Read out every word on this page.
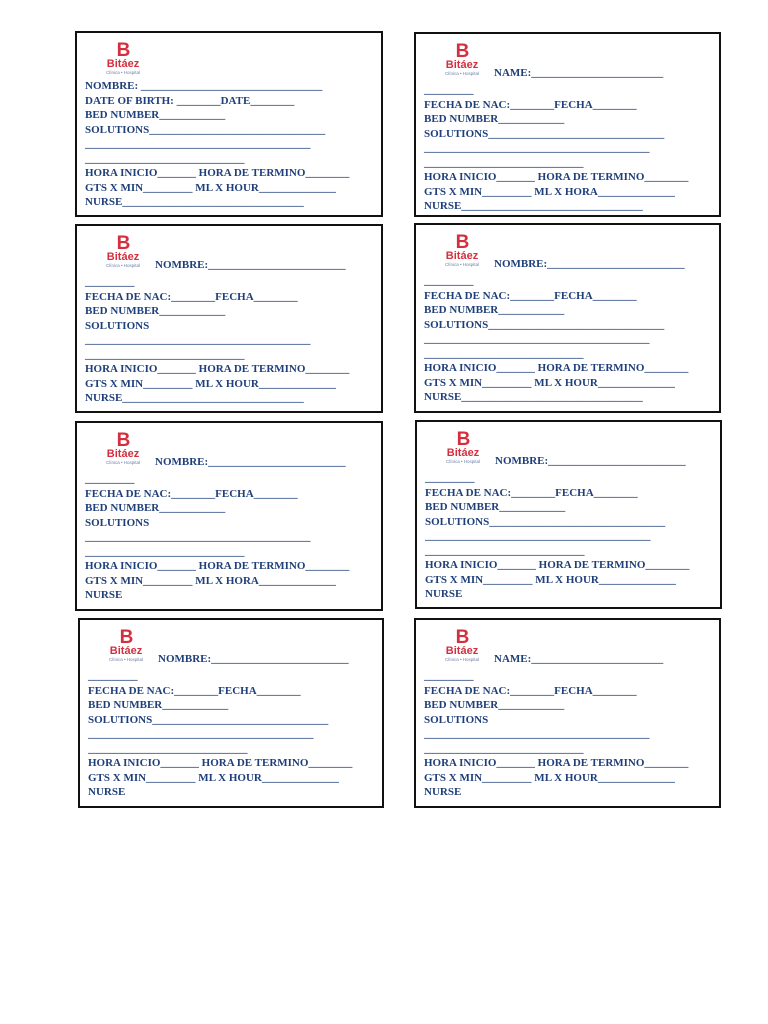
B
Bitáez
Clínica • Hospital
NOMBRE: _________________________________
DATE OF BIRTH: ________DATE________
BED NUMBER____________
SOLUTIONS________________________________
_________________________________________
_____________________________
HORA INICIO_______ HORA DE TERMINO________
GTS X MIN_________ ML X HOUR______________
NURSE_________________________________
B
Bitáez
Clínica • Hospital	NAME:________________________
_________
FECHA DE NAC:________FECHA________
BED NUMBER____________
SOLUTIONS________________________________
_________________________________________
_____________________________
HORA INICIO_______ HORA DE TERMINO________
GTS X MIN_________ ML X HORA______________
NURSE_________________________________
B
Bitáez
Clínica • Hospital	NOMBRE:_________________________
_________
FECHA DE NAC:________FECHA________
BED NUMBER____________
SOLUTIONS
_________________________________________
_____________________________
HORA INICIO_______ HORA DE TERMINO________
GTS X MIN_________ ML X HOUR______________
NURSE_________________________________
B
Bitáez
Clínica • Hospital	NOMBRE:_________________________
_________
FECHA DE NAC:________FECHA________
BED NUMBER____________
SOLUTIONS________________________________
_________________________________________
_____________________________
HORA INICIO_______ HORA DE TERMINO________
GTS X MIN_________ ML X HOUR______________
NURSE_________________________________
B
Bitáez
Clínica • Hospital	NOMBRE:_________________________
_________
FECHA DE NAC:________FECHA________
BED NUMBER____________
SOLUTIONS
_________________________________________
_____________________________
HORA INICIO_______ HORA DE TERMINO________
GTS X MIN_________ ML X HORA______________
NURSE
B
Bitáez
Clínica • Hospital	NOMBRE:_________________________
_________
FECHA DE NAC:________FECHA________
BED NUMBER____________
SOLUTIONS________________________________
_________________________________________
_____________________________
HORA INICIO_______ HORA DE TERMINO________
GTS X MIN_________ ML X HOUR______________
NURSE
B
Bitáez
Clínica • Hospital	NOMBRE:_________________________
_________
FECHA DE NAC:________FECHA________
BED NUMBER____________
SOLUTIONS________________________________
_________________________________________
_____________________________
HORA INICIO_______ HORA DE TERMINO________
GTS X MIN_________ ML X HOUR______________
NURSE
B
Bitáez
Clínica • Hospital	NAME:________________________
_________
FECHA DE NAC:________FECHA________
BED NUMBER____________
SOLUTIONS
_________________________________________
_____________________________
HORA INICIO_______ HORA DE TERMINO________
GTS X MIN_________ ML X HOUR______________
NURSE
